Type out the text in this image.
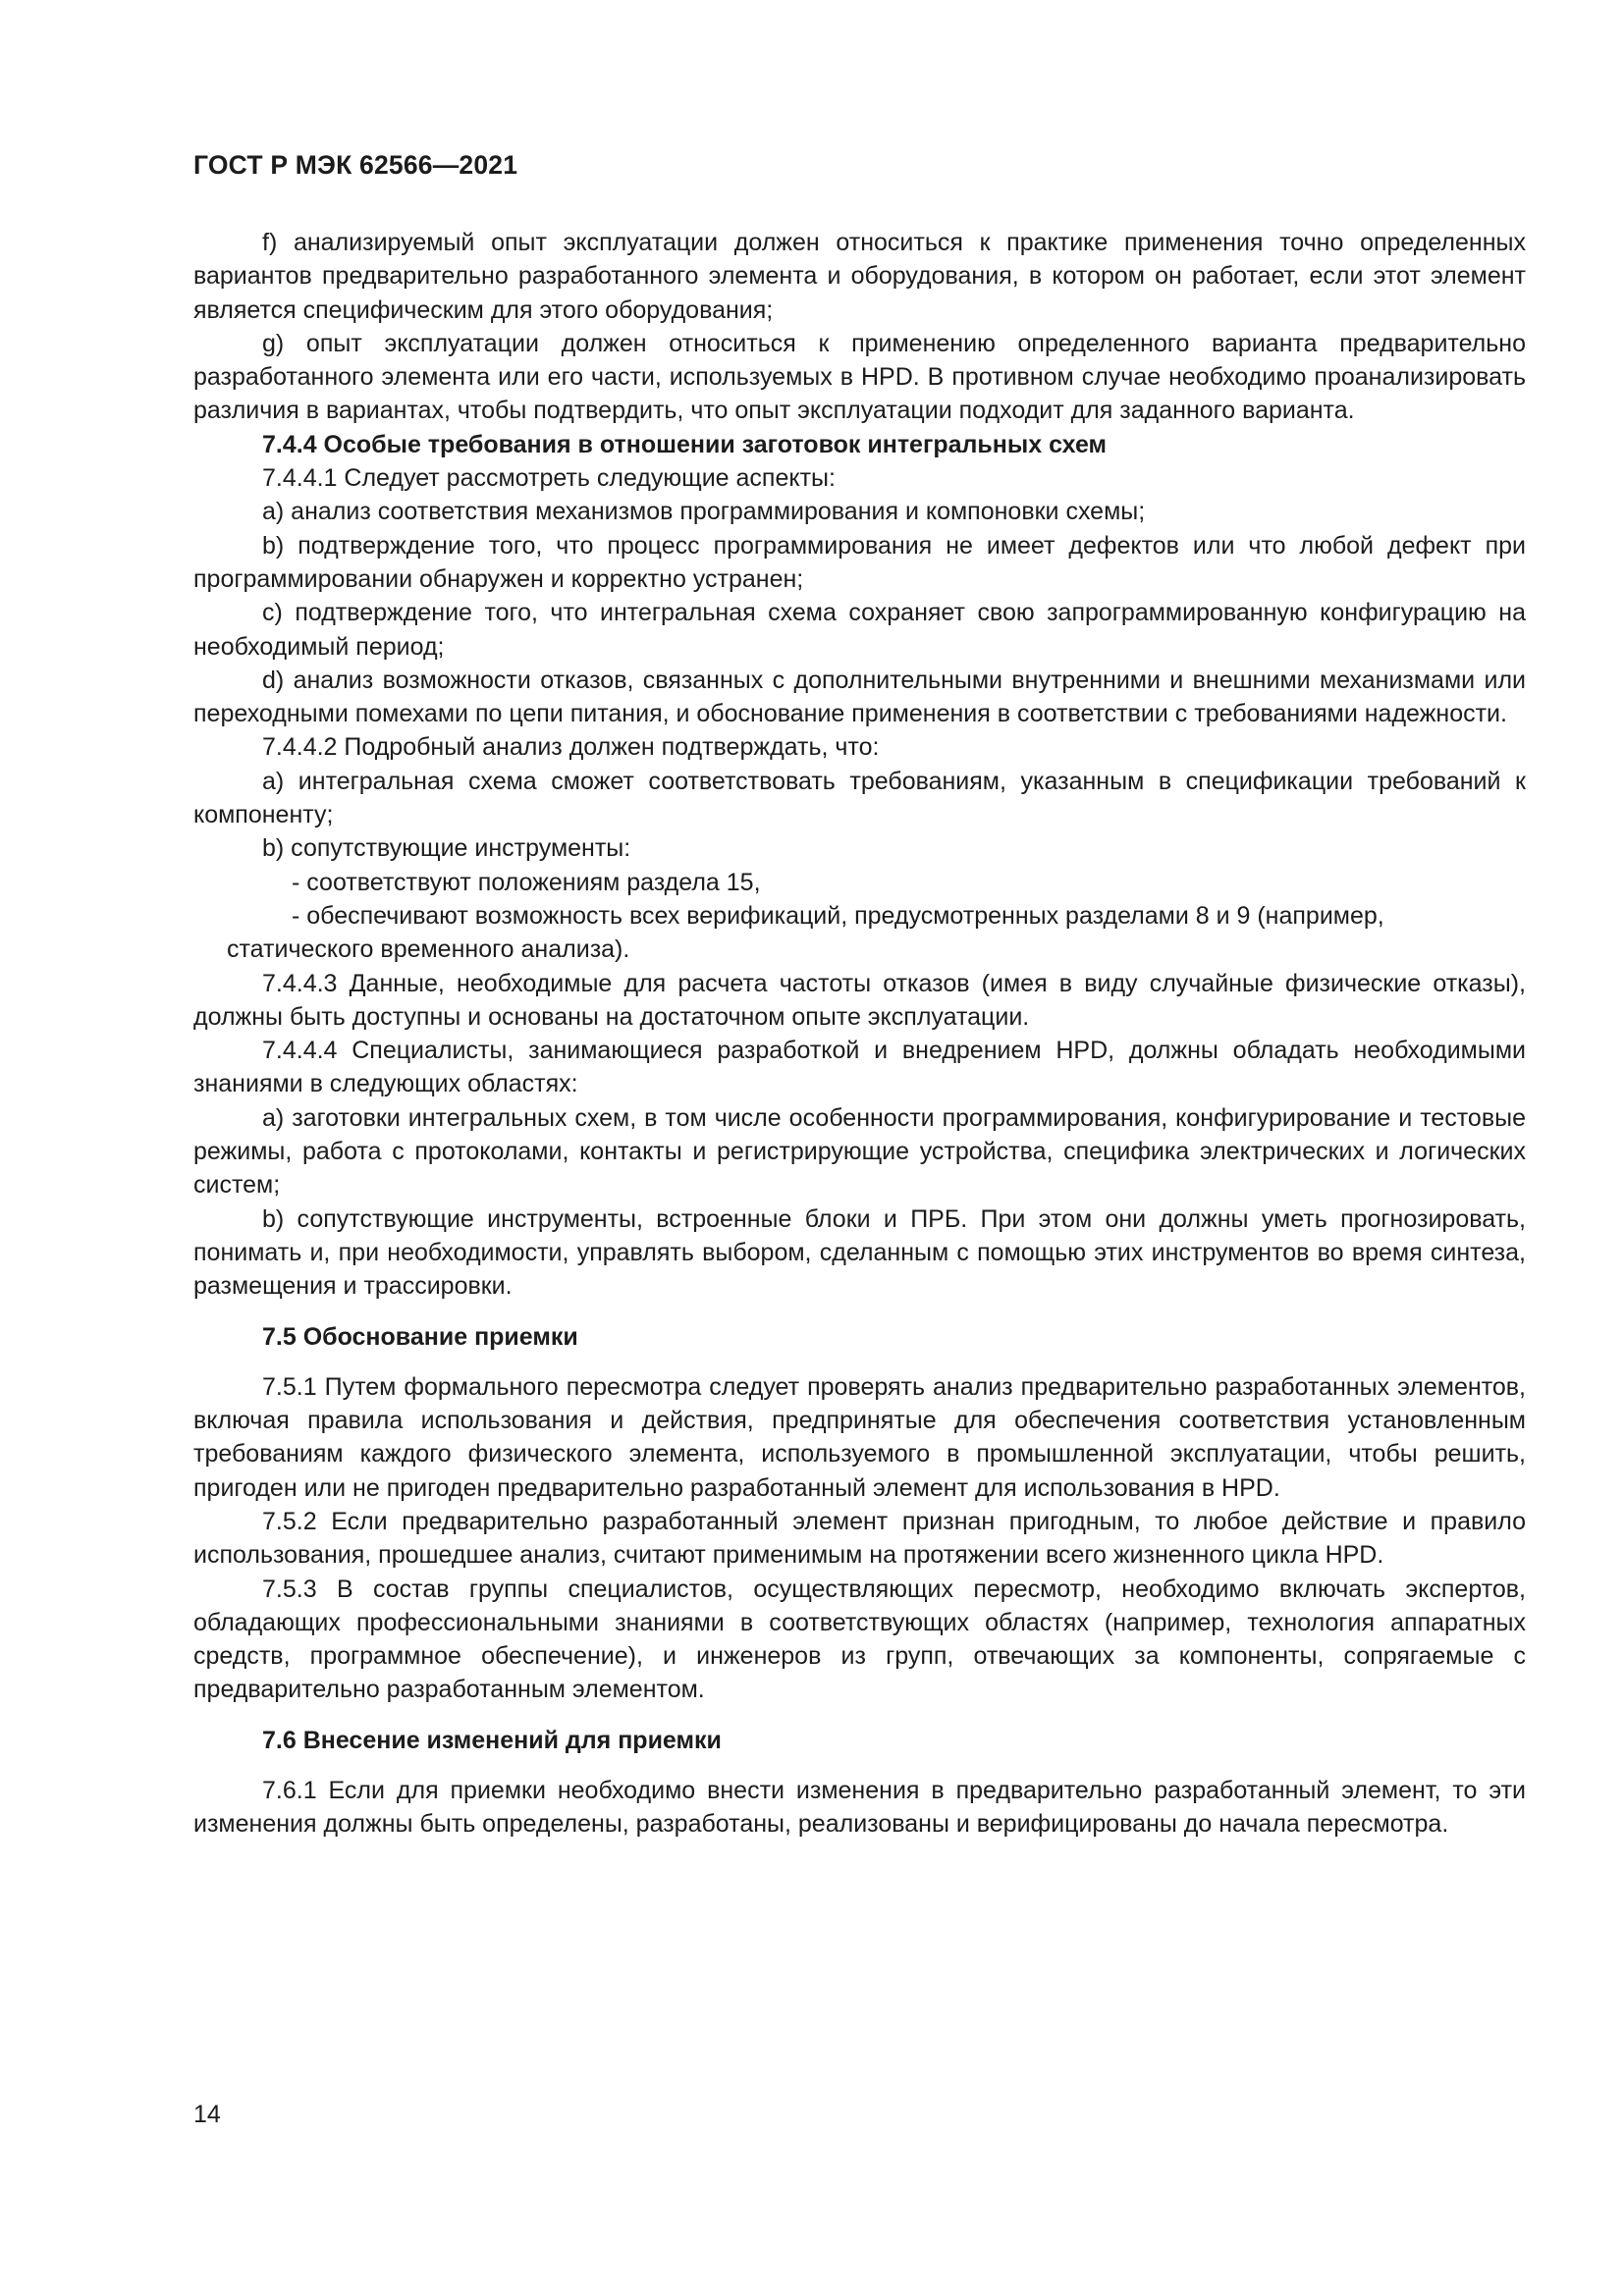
ГОСТ Р МЭК 62566—2021

f) анализируемый опыт эксплуатации должен относиться к практике применения точно определенных вариантов предварительно разработанного элемента и оборудования, в котором он работает, если этот элемент является специфическим для этого оборудования;

g) опыт эксплуатации должен относиться к применению определенного варианта предварительно разработанного элемента или его части, используемых в HPD. В противном случае необходимо проанализировать различия в вариантах, чтобы подтвердить, что опыт эксплуатации подходит для заданного варианта.

7.4.4 Особые требования в отношении заготовок интегральных схем

7.4.4.1 Следует рассмотреть следующие аспекты:

a) анализ соответствия механизмов программирования и компоновки схемы;

b) подтверждение того, что процесс программирования не имеет дефектов или что любой дефект при программировании обнаружен и корректно устранен;

c) подтверждение того, что интегральная схема сохраняет свою запрограммированную конфигурацию на необходимый период;

d) анализ возможности отказов, связанных с дополнительными внутренними и внешними механизмами или переходными помехами по цепи питания, и обоснование применения в соответствии с требованиями надежности.

7.4.4.2 Подробный анализ должен подтверждать, что:

a) интегральная схема сможет соответствовать требованиям, указанным в спецификации требований к компоненту;

b) сопутствующие инструменты:

- соответствуют положениям раздела 15,

- обеспечивают возможность всех верификаций, предусмотренных разделами 8 и 9 (например,

статического временного анализа).

7.4.4.3 Данные, необходимые для расчета частоты отказов (имея в виду случайные физические отказы), должны быть доступны и основаны на достаточном опыте эксплуатации.

7.4.4.4 Специалисты, занимающиеся разработкой и внедрением HPD, должны обладать необходимыми знаниями в следующих областях:

a) заготовки интегральных схем, в том числе особенности программирования, конфигурирование и тестовые режимы, работа с протоколами, контакты и регистрирующие устройства, специфика электрических и логических систем;

b) сопутствующие инструменты, встроенные блоки и ПРБ. При этом они должны уметь прогнозировать, понимать и, при необходимости, управлять выбором, сделанным с помощью этих инструментов во время синтеза, размещения и трассировки.

7.5 Обоснование приемки

7.5.1 Путем формального пересмотра следует проверять анализ предварительно разработанных элементов, включая правила использования и действия, предпринятые для обеспечения соответствия установленным требованиям каждого физического элемента, используемого в промышленной эксплуатации, чтобы решить, пригоден или не пригоден предварительно разработанный элемент для использования в HPD.

7.5.2 Если предварительно разработанный элемент признан пригодным, то любое действие и правило использования, прошедшее анализ, считают применимым на протяжении всего жизненного цикла HPD.

7.5.3 В состав группы специалистов, осуществляющих пересмотр, необходимо включать экспертов, обладающих профессиональными знаниями в соответствующих областях (например, технология аппаратных средств, программное обеспечение), и инженеров из групп, отвечающих за компоненты, сопрягаемые с предварительно разработанным элементом.

7.6 Внесение изменений для приемки

7.6.1 Если для приемки необходимо внести изменения в предварительно разработанный элемент, то эти изменения должны быть определены, разработаны, реализованы и верифицированы до начала пересмотра.

14
